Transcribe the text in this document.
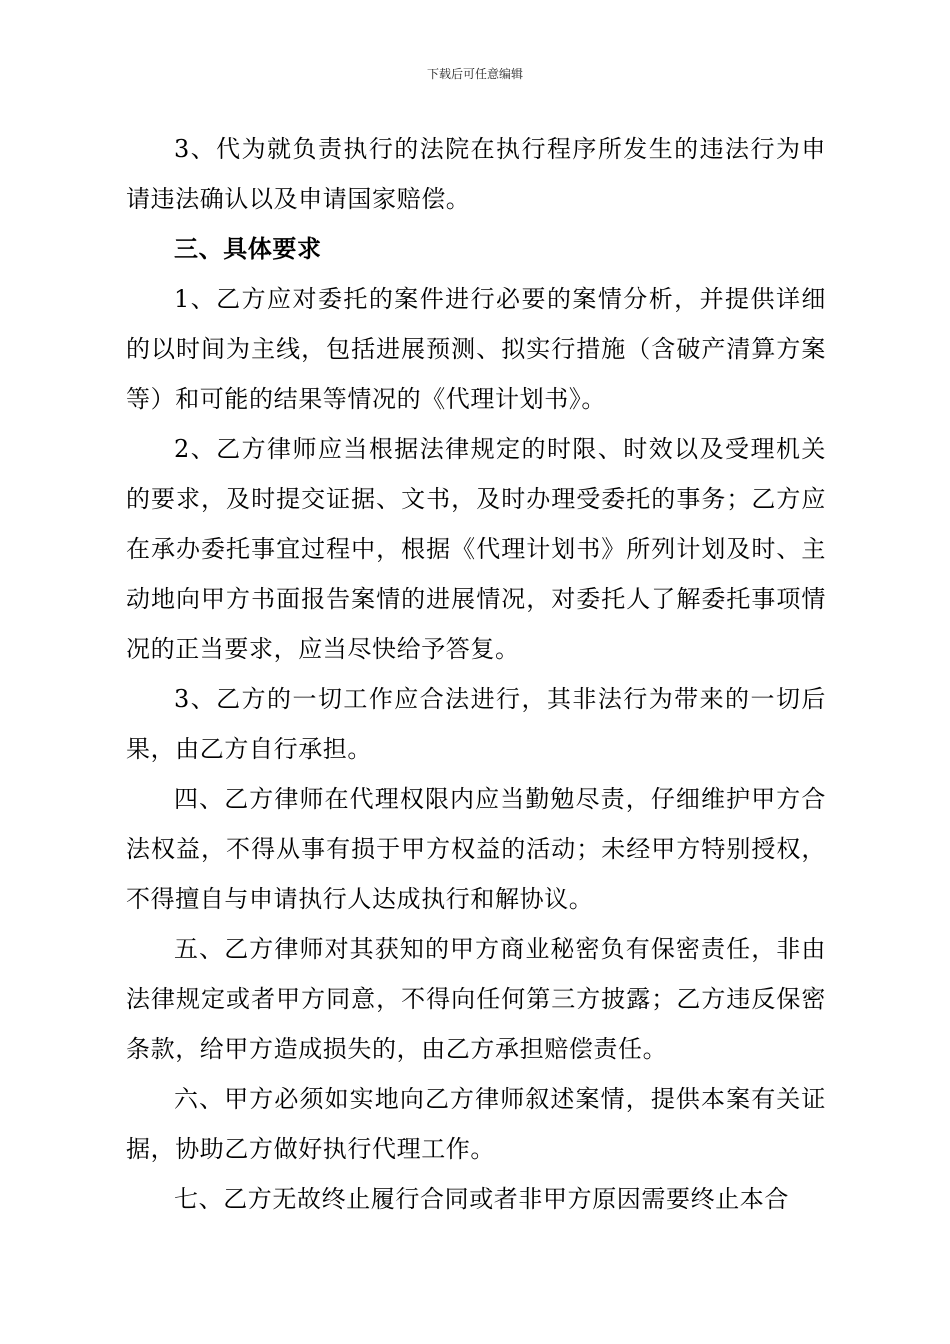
下载后可任意编辑

3、代为就负责执行的法院在执行程序所发生的违法行为申请违法确认以及申请国家赔偿。

三、具体要求

1、乙方应对委托的案件进行必要的案情分析，并提供详细的以时间为主线，包括进展预测、拟实行措施（含破产清算方案等）和可能的结果等情况的《代理计划书》。

2、乙方律师应当根据法律规定的时限、时效以及受理机关的要求，及时提交证据、文书，及时办理受委托的事务；乙方应在承办委托事宜过程中，根据《代理计划书》所列计划及时、主动地向甲方书面报告案情的进展情况，对委托人了解委托事项情况的正当要求，应当尽快给予答复。

3、乙方的一切工作应合法进行，其非法行为带来的一切后果，由乙方自行承担。

四、乙方律师在代理权限内应当勤勉尽责，仔细维护甲方合法权益，不得从事有损于甲方权益的活动；未经甲方特别授权，不得擅自与申请执行人达成执行和解协议。

五、乙方律师对其获知的甲方商业秘密负有保密责任，非由法律规定或者甲方同意，不得向任何第三方披露；乙方违反保密条款，给甲方造成损失的，由乙方承担赔偿责任。

六、甲方必须如实地向乙方律师叙述案情，提供本案有关证据，协助乙方做好执行代理工作。

七、乙方无故终止履行合同或者非甲方原因需要终止本合
